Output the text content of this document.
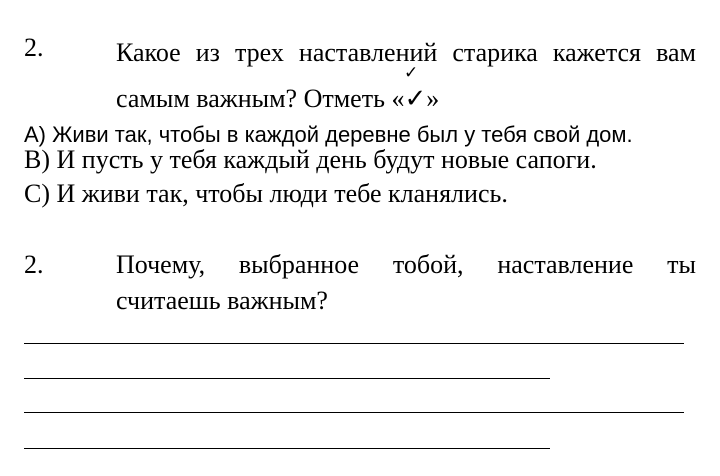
2.	Какое из трех наставлений старика кажется вам самым важным? Отметь «✓»
✓
А) Живи так, чтобы в каждой деревне был у тебя свой дом.
В) И пусть у тебя каждый день будут новые сапоги.
С) И живи так, чтобы люди тебе кланялись.
2.	Почему, выбранное тобой, наставление ты считаешь важным?
